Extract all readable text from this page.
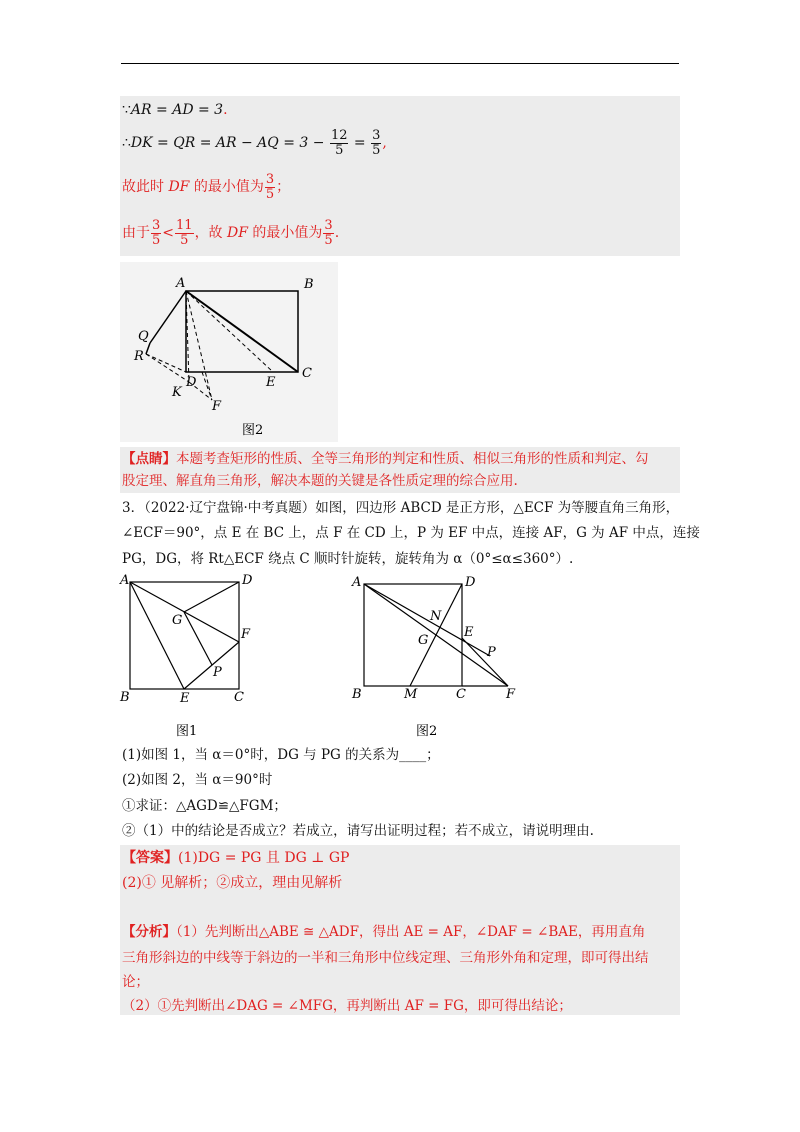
∵AR = AD = 3.
∴DK = QR = AR − AQ = $3 - \frac{12}{5} = \frac{3}{5}$ ,
故此时 DF 的最小值为 $\frac{3}{5}$ ；
由于 $\frac{3}{5} < \frac{11}{5}$ ，故 DF 的最小值为 $\frac{3}{5}$ .
A	B
C
D	E
F
Q
R
K
图2
【点睛】本题考查矩形的性质、全等三角形的判定和性质、相似三角形的性质和判定、勾
股定理、解直角三角形，解决本题的关键是各性质定理的综合应用.
3．（2022·辽宁盘锦·中考真题）如图，四边形 ABCD 是正方形，△ECF 为等腰直角三角形，
∠ECF＝90°，点 E 在 BC 上，点 F 在 CD 上，P 为 EF 中点，连接 AF，G 为 AF 中点，连接
PG，DG，将 Rt△ECF 绕点 C 顺时针旋转，旋转角为 α（0°≤α≤360°）.
A	D
G
F
P
B	E	C
图1
A	D
N
G
E
P
B	M	C	F
图2
(1)如图 1，当 α＝0°时，DG 与 PG 的关系为____；
(2)如图 2，当 α＝90°时
①求证：△AGD≌△FGM；
②（1）中的结论是否成立？若成立，请写出证明过程；若不成立，请说明理由.
【答案】(1)DG = PG 且 DG ⊥ GP
(2)① 见解析；②成立，理由见解析
【分析】（1）先判断出△ABE ≅ △ADF，得出 AE = AF，∠DAF = ∠BAE，再用直角
三角形斜边的中线等于斜边的一半和三角形中位线定理、三角形外角和定理，即可得出结
论；
（2）①先判断出∠DAG = ∠MFG，再判断出 AF = FG，即可得出结论；
